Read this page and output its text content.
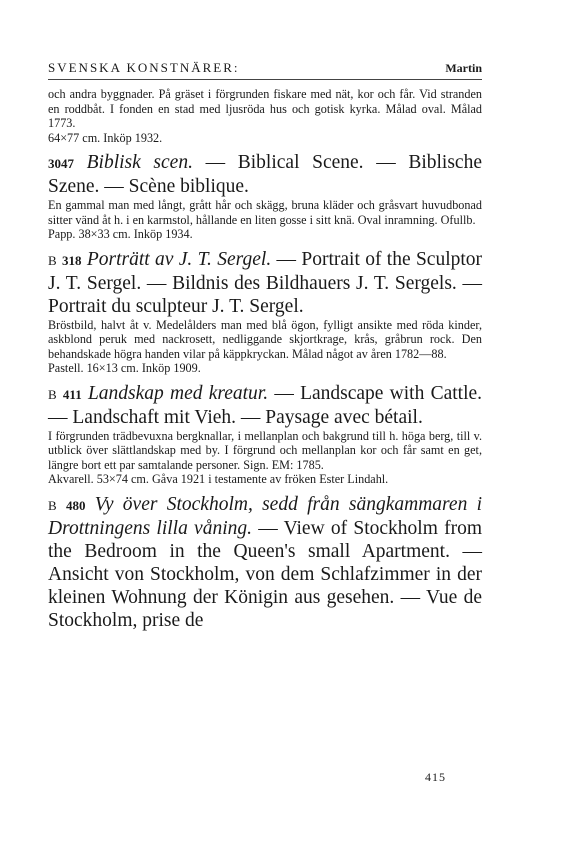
SVENSKA KONSTNÄRER:	Martin
och andra byggnader. På gräset i förgrunden fiskare med nät, kor och får. Vid stranden en roddbåt. I fonden en stad med ljusröda hus och gotisk kyrka. Målad oval. Målad 1773.
64×77 cm. Inköp 1932.
3047 Biblisk scen. — Biblical Scene. — Biblische Szene. — Scène biblique.
En gammal man med långt, grått hår och skägg, bruna kläder och gråsvart huvudbonad sitter vänd åt h. i en karmstol, hållande en liten gosse i sitt knä. Oval inramning. Ofullb.
Papp. 38×33 cm. Inköp 1934.
B 318 Porträtt av J. T. Sergel. — Portrait of the Sculptor J. T. Sergel. — Bildnis des Bildhauers J. T. Sergels. — Portrait du sculpteur J. T. Sergel.
Bröstbild, halvt åt v. Medelålders man med blå ögon, fylligt ansikte med röda kinder, askblond peruk med nackrosett, nedliggande skjortkrage, krås, gråbrun rock. Den behandskade högra handen vilar på käppkryckan. Målad något av åren 1782—88.
Pastell. 16×13 cm. Inköp 1909.
B 411 Landskap med kreatur. — Landscape with Cattle. — Landschaft mit Vieh. — Paysage avec bétail.
I förgrunden trädbevuxna bergknallar, i mellanplan och bakgrund till h. höga berg, till v. utblick över slättlandskap med by. I förgrund och mellanplan kor och får samt en get, längre bort ett par samtalande personer. Sign. EM: 1785.
Akvarell. 53×74 cm. Gåva 1921 i testamente av fröken Ester Lindahl.
B 480 Vy över Stockholm, sedd från sängkammaren i Drottningens lilla våning. — View of Stockholm from the Bedroom in the Queen's small Apartment. — Ansicht von Stockholm, von dem Schlafzimmer in der kleinen Wohnung der Königin aus gesehen. — Vue de Stockholm, prise de
415
